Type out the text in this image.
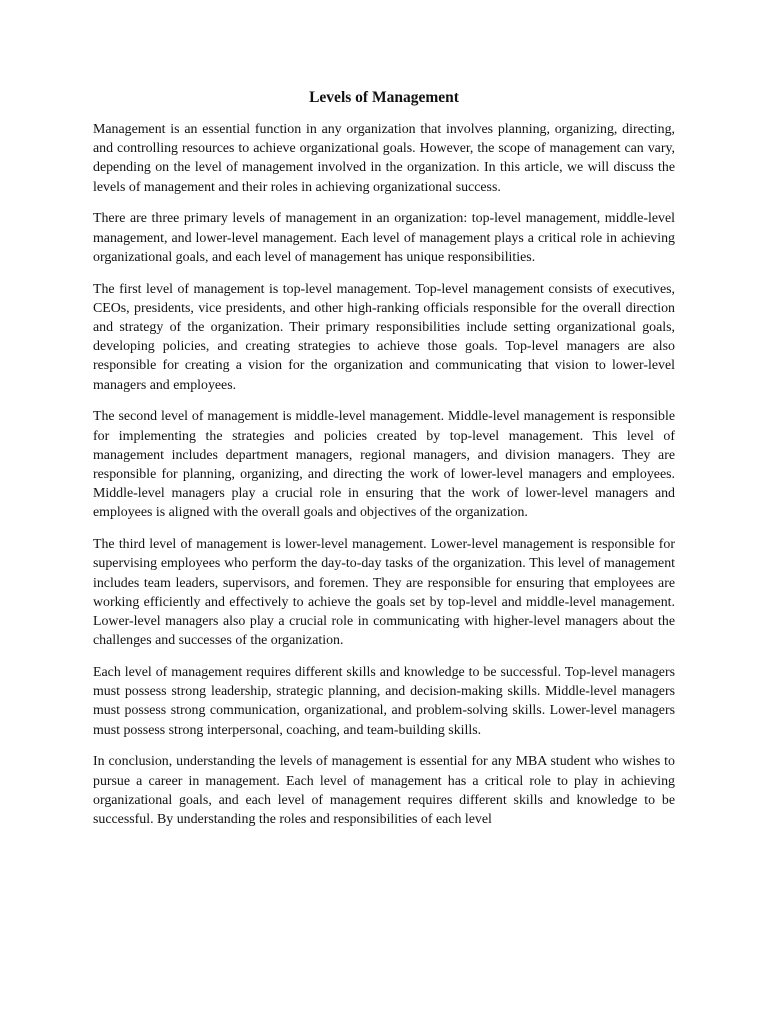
Levels of Management

Management is an essential function in any organization that involves planning, organizing, directing, and controlling resources to achieve organizational goals. However, the scope of management can vary, depending on the level of management involved in the organization. In this article, we will discuss the levels of management and their roles in achieving organizational success.

There are three primary levels of management in an organization: top-level management, middle-level management, and lower-level management. Each level of management plays a critical role in achieving organizational goals, and each level of management has unique responsibilities.

The first level of management is top-level management. Top-level management consists of executives, CEOs, presidents, vice presidents, and other high-ranking officials responsible for the overall direction and strategy of the organization. Their primary responsibilities include setting organizational goals, developing policies, and creating strategies to achieve those goals. Top-level managers are also responsible for creating a vision for the organization and communicating that vision to lower-level managers and employees.

The second level of management is middle-level management. Middle-level management is responsible for implementing the strategies and policies created by top-level management. This level of management includes department managers, regional managers, and division managers. They are responsible for planning, organizing, and directing the work of lower-level managers and employees. Middle-level managers play a crucial role in ensuring that the work of lower-level managers and employees is aligned with the overall goals and objectives of the organization.

The third level of management is lower-level management. Lower-level management is responsible for supervising employees who perform the day-to-day tasks of the organization. This level of management includes team leaders, supervisors, and foremen. They are responsible for ensuring that employees are working efficiently and effectively to achieve the goals set by top-level and middle-level management. Lower-level managers also play a crucial role in communicating with higher-level managers about the challenges and successes of the organization.

Each level of management requires different skills and knowledge to be successful. Top-level managers must possess strong leadership, strategic planning, and decision-making skills. Middle-level managers must possess strong communication, organizational, and problem-solving skills. Lower-level managers must possess strong interpersonal, coaching, and team-building skills.

In conclusion, understanding the levels of management is essential for any MBA student who wishes to pursue a career in management. Each level of management has a critical role to play in achieving organizational goals, and each level of management requires different skills and knowledge to be successful. By understanding the roles and responsibilities of each level
